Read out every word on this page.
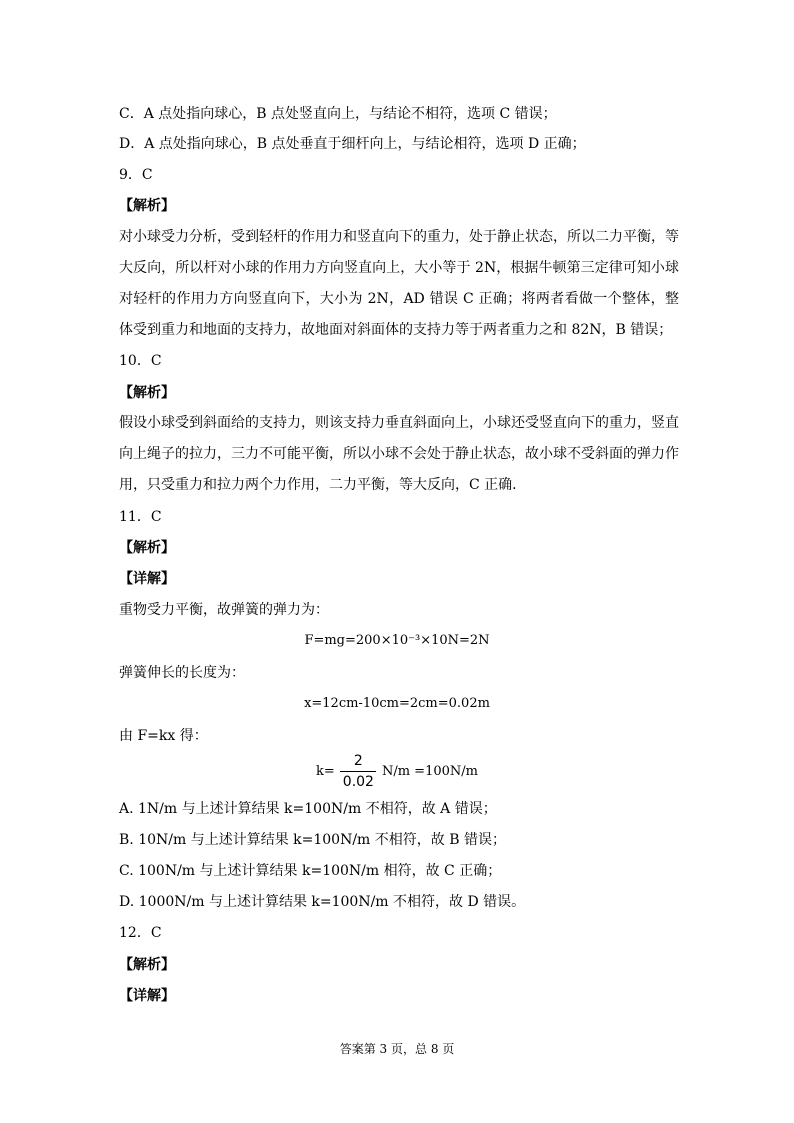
C．A 点处指向球心，B 点处竖直向上，与结论不相符，选项 C 错误；
D．A 点处指向球心，B 点处垂直于细杆向上，与结论相符，选项 D 正确；
9．C
【解析】
对小球受力分析，受到轻杆的作用力和竖直向下的重力，处于静止状态，所以二力平衡，等大反向，所以杆对小球的作用力方向竖直向上，大小等于 2N，根据牛顿第三定律可知小球对轻杆的作用力方向竖直向下，大小为 2N，AD 错误 C 正确；将两者看做一个整体，整体受到重力和地面的支持力，故地面对斜面体的支持力等于两者重力之和 82N，B 错误；
10．C
【解析】
假设小球受到斜面给的支持力，则该支持力垂直斜面向上，小球还受竖直向下的重力，竖直向上绳子的拉力，三力不可能平衡，所以小球不会处于静止状态，故小球不受斜面的弹力作用，只受重力和拉力两个力作用，二力平衡，等大反向，C 正确．
11．C
【解析】
【详解】
重物受力平衡，故弹簧的弹力为：
F=mg=200×10⁻³×10N=2N
弹簧伸长的长度为：
x=12cm-10cm=2cm=0.02m
由 F=kx 得：
$k= \frac{2}{0.02} N/m =100N/m$
A. 1N/m 与上述计算结果 k=100N/m 不相符，故 A 错误；
B. 10N/m 与上述计算结果 k=100N/m 不相符，故 B 错误；
C. 100N/m 与上述计算结果 k=100N/m 相符，故 C 正确；
D. 1000N/m 与上述计算结果 k=100N/m 不相符，故 D 错误。
12．C
【解析】
【详解】
答案第 3 页，总 8 页
